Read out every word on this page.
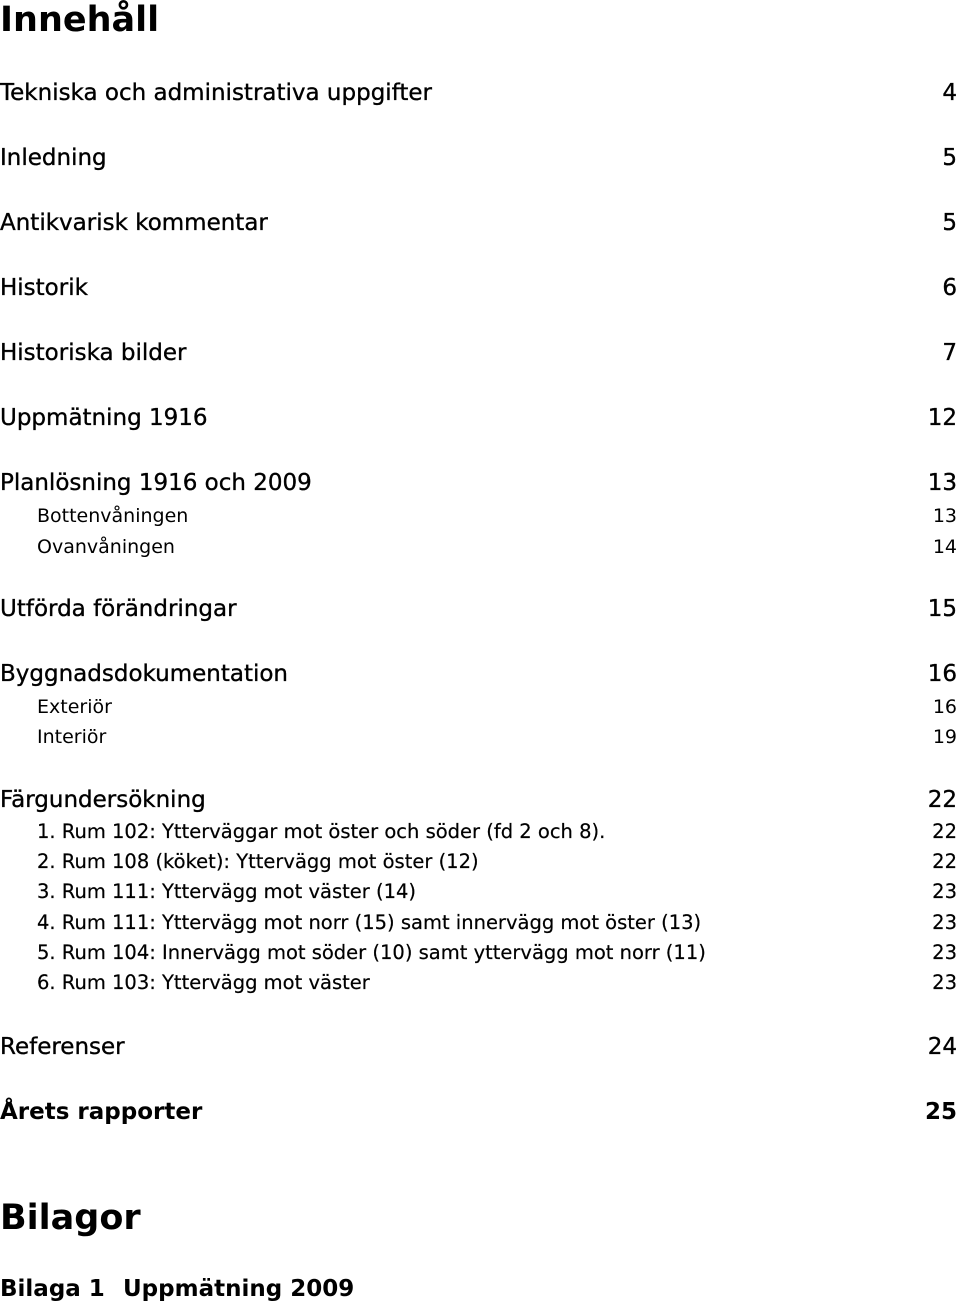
Innehåll
Tekniska och administrativa uppgifter	4
Inledning	5
Antikvarisk kommentar	5
Historik	6
Historiska bilder	7
Uppmätning 1916	12
Planlösning 1916 och 2009	13
Bottenvåningen	13
Ovanvåningen	14
Utförda förändringar	15
Byggnadsdokumentation	16
Exteriör	16
Interiör	19
Färgundersökning	22
1. Rum 102: Ytterväggar mot öster och söder (fd 2 och 8).	22
2. Rum 108 (köket): Yttervägg mot öster (12)	22
3. Rum 111: Yttervägg mot väster (14)	23
4. Rum 111: Yttervägg mot norr (15) samt innervägg mot öster (13)	23
5. Rum 104: Innervägg mot söder (10) samt yttervägg mot norr (11)	23
6. Rum 103: Yttervägg mot väster	23
Referenser	24
Årets rapporter	25
Bilagor
Bilaga 1 Uppmätning 2009
